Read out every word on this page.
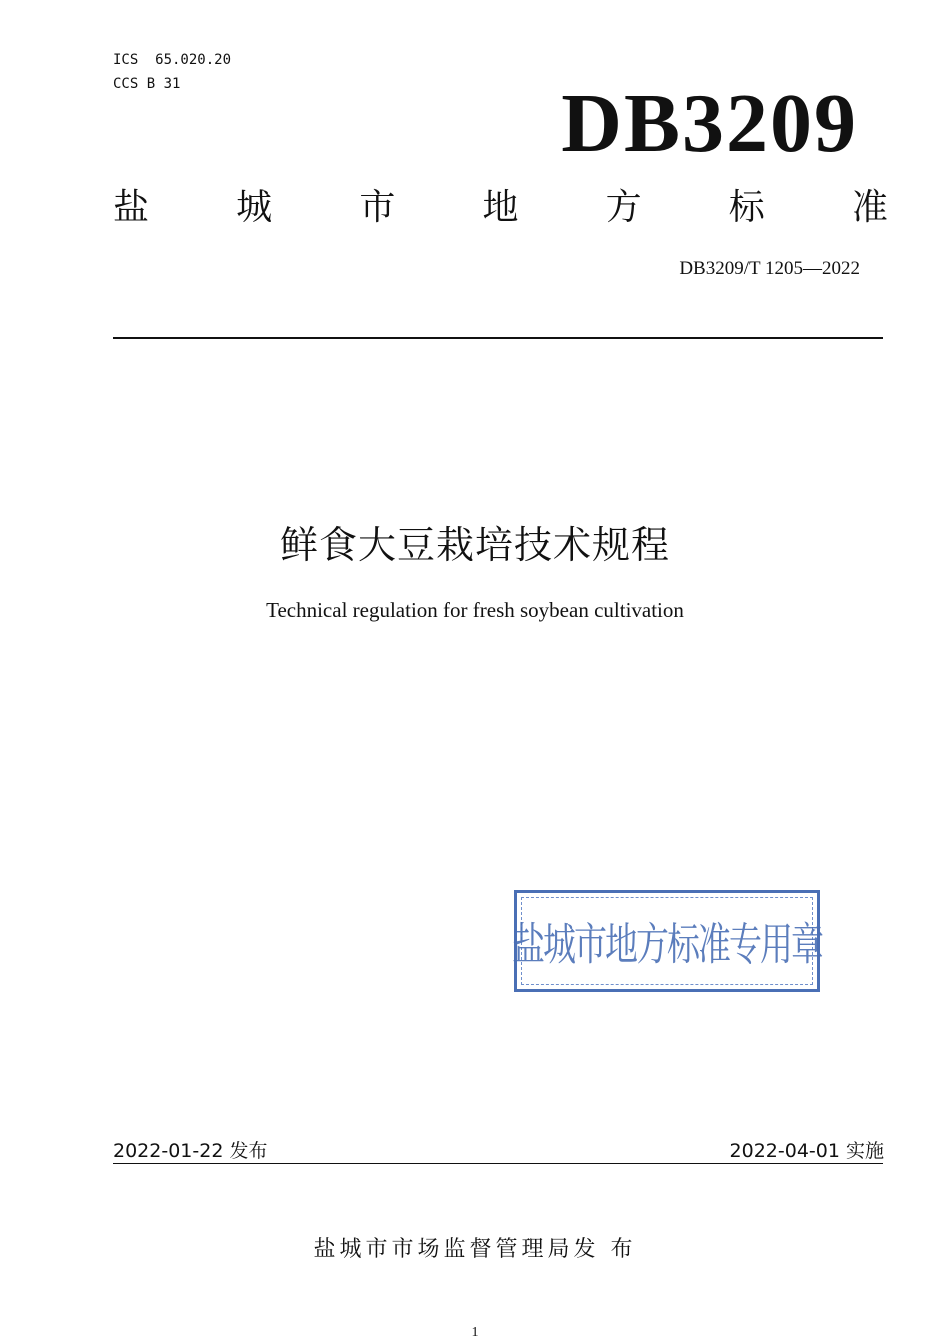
ICS  65.020.20
CCS B 31	DB3209
盐 城 市 地 方 标 准
DB3209/T 1205—2022
鲜食大豆栽培技术规程
Technical regulation for fresh soybean cultivation
盐城市地方标准专用章
2022-01-22 发布	2022-04-01 实施
盐城市市场监督管理局发 布
1
